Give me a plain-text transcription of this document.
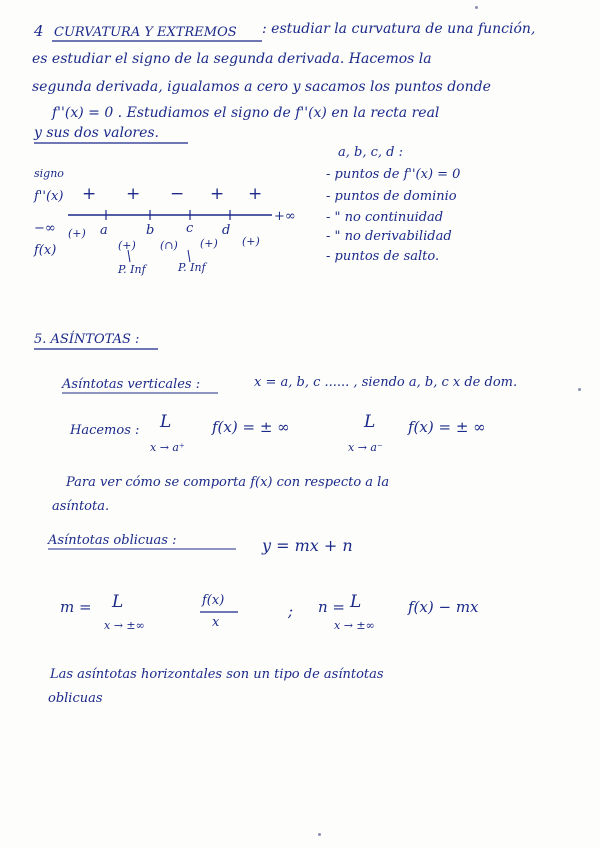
4 CURVATURA Y EXTREMOS : estudiar la curvatura de una función,
es estudiar el signo de la segunda derivada. Hacemos la
segunda derivada, igualamos a cero y sacamos los puntos donde
f''(x) = 0 . Estudiamos el signo de f''(x) en la recta real
y sus dos valores.
signo
f''(x) + + − + +
−∞
+∞
a	b c d
f(x)
(+)
(+) (∩) (+) (+)
P. Inf	P. Inf
a, b, c, d :
- puntos de f''(x) = 0
- puntos de dominio
- " no continuidad
- " no derivabilidad
- puntos de salto.
5. ASÍNTOTAS :
Asíntotas verticales :	x = a, b, c ...... , siendo a, b, c x de dom.
Hacemos : L
x → a⁺
f(x) = ± ∞	L
x → a⁻
f(x) = ± ∞
Para ver cómo se comporta f(x) con respecto a la
asíntota.
Asíntotas oblicuas :	y = mx + n
m = L
x → ±∞
f(x)
x
; n = L
x → ±∞
f(x) − mx
Las asíntotas horizontales son un tipo de asíntotas
oblicuas
